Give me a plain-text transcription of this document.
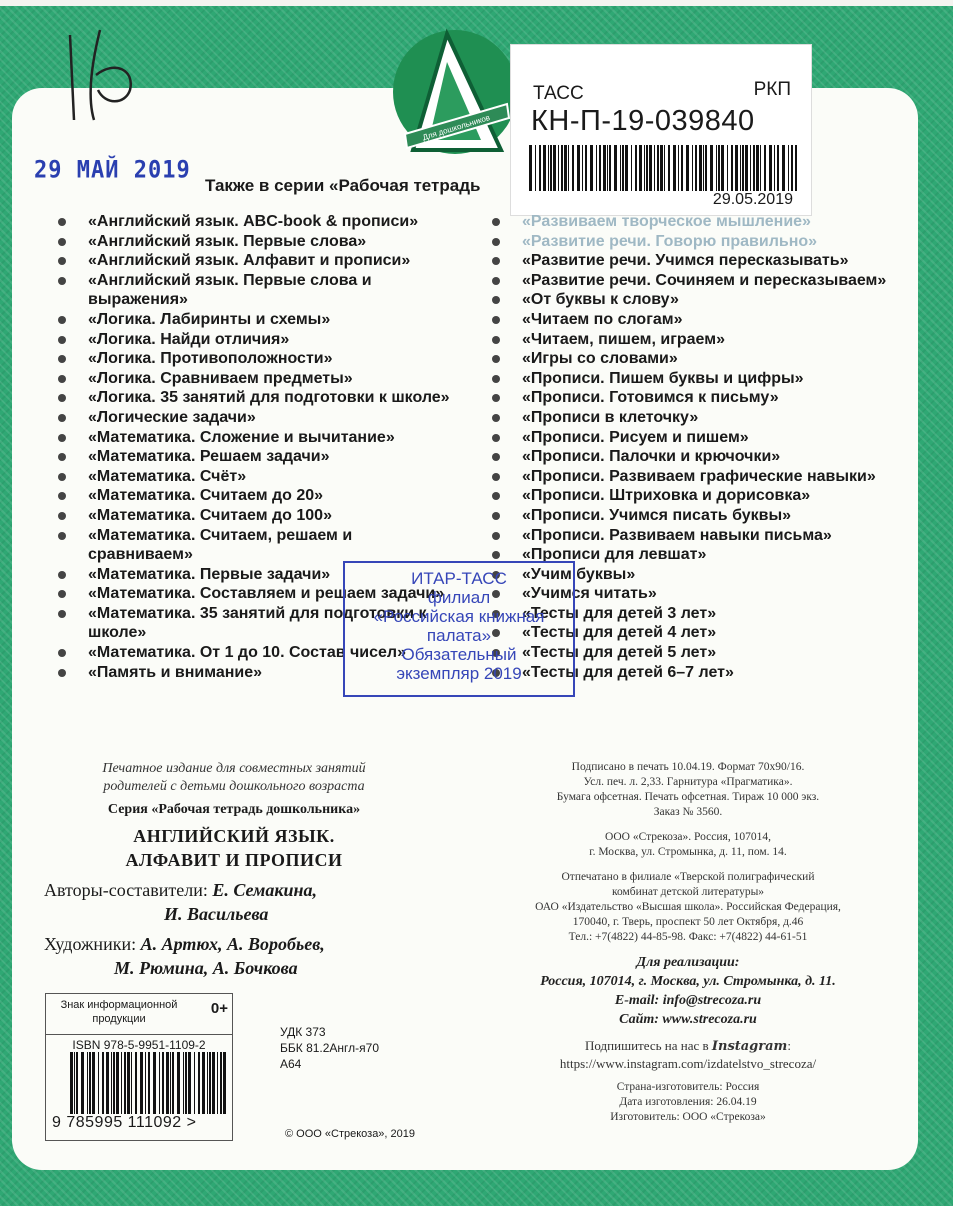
Для дошкольников
29 МАЙ 2019
ТАСС	РКП
КН-П-19-039840
29.05.2019
Также в серии «Рабочая тетрадь
«Английский язык. ABC-book & прописи»
«Английский язык. Первые слова»
«Английский язык. Алфавит и прописи»
«Английский язык. Первые слова и выражения»
«Логика. Лабиринты и схемы»
«Логика. Найди отличия»
«Логика. Противоположности»
«Логика. Сравниваем предметы»
«Логика. 35 занятий для подготовки к школе»
«Логические задачи»
«Математика. Сложение и вычитание»
«Математика. Решаем задачи»
«Математика. Счёт»
«Математика. Считаем до 20»
«Математика. Считаем до 100»
«Математика. Считаем, решаем и сравниваем»
«Математика. Первые задачи»
«Математика. Составляем и решаем задачи»
«Математика. 35 занятий для подготовки к школе»
«Математика. От 1 до 10. Состав чисел»
«Память и внимание»
«Развиваем творческое мышление»
«Развитие речи. Говорю правильно»
«Развитие речи. Учимся пересказывать»
«Развитие речи. Сочиняем и пересказываем»
«От буквы к слову»
«Читаем по слогам»
«Читаем, пишем, играем»
«Игры со словами»
«Прописи. Пишем буквы и цифры»
«Прописи. Готовимся к письму»
«Прописи в клеточку»
«Прописи. Рисуем и пишем»
«Прописи. Палочки и крючочки»
«Прописи. Развиваем графические навыки»
«Прописи. Штриховка и дорисовка»
«Прописи. Учимся писать буквы»
«Прописи. Развиваем навыки письма»
«Прописи для левшат»
«Учим буквы»
«Учимся читать»
«Тесты для детей 3 лет»
«Тесты для детей 4 лет»
«Тесты для детей 5 лет»
«Тесты для детей 6–7 лет»
ИТАР-ТАСС
филиал
«Российская книжная
палата»
Обязательный
экземпляр 2019
Печатное издание для совместных занятий
родителей с детьми дошкольного возраста
Серия «Рабочая тетрадь дошкольника»
АНГЛИЙСКИЙ ЯЗЫК.
АЛФАВИТ И ПРОПИСИ
Авторы-составители: Е. Семакина,
И. Васильева
Художники: А. Артюх, А. Воробьев,
М. Рюмина, А. Бочкова
Знак информационной продукции
0+
ISBN 978-5-9951-1109-2
9 785995 111092 >
УДК 373
ББК 81.2Англ-я70
А64
© ООО «Стрекоза», 2019
Подписано в печать 10.04.19. Формат 70х90/16.
Усл. печ. л. 2,33. Гарнитура «Прагматика».
Бумага офсетная. Печать офсетная. Тираж 10 000 экз.
Заказ № 3560.
ООО «Стрекоза». Россия, 107014,
г. Москва, ул. Стромынка, д. 11, пом. 14.
Отпечатано в филиале «Тверской полиграфический
комбинат детской литературы»
ОАО «Издательство «Высшая школа». Российская Федерация,
170040, г. Тверь, проспект 50 лет Октября, д.46
Тел.: +7(4822) 44-85-98. Факс: +7(4822) 44-61-51
Для реализации:
Россия, 107014, г. Москва, ул. Стромынка, д. 11.
E-mail: info@strecoza.ru
Сайт: www.strecoza.ru
Подпишитесь на нас в Instagram:
https://www.instagram.com/izdatelstvo_strecoza/
Страна-изготовитель: Россия
Дата изготовления: 26.04.19
Изготовитель: ООО «Стрекоза»
